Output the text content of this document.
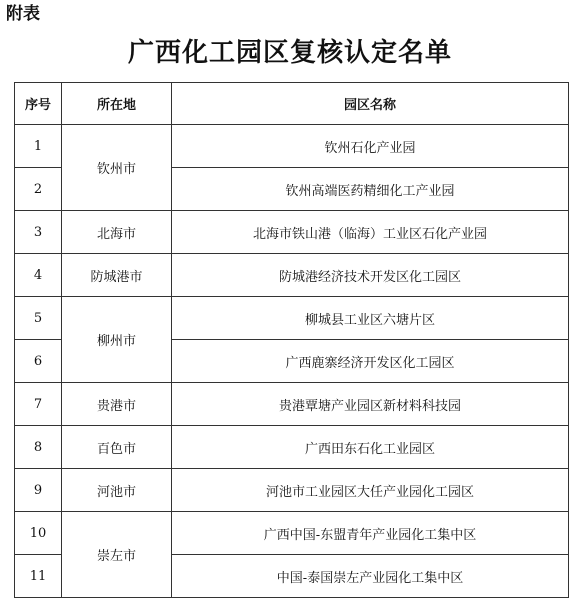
附表
广西化工园区复核认定名单
序号	所在地	园区名称
1	钦州市	钦州石化产业园
2		钦州高端医药精细化工产业园
3	北海市	北海市铁山港（临海）工业区石化产业园
4	防城港市	防城港经济技术开发区化工园区
5	柳州市	柳城县工业区六塘片区
6		广西鹿寨经济开发区化工园区
7	贵港市	贵港覃塘产业园区新材料科技园
8	百色市	广西田东石化工业园区
9	河池市	河池市工业园区大任产业园化工园区
10	崇左市	广西中国-东盟青年产业园化工集中区
11		中国-泰国崇左产业园化工集中区
